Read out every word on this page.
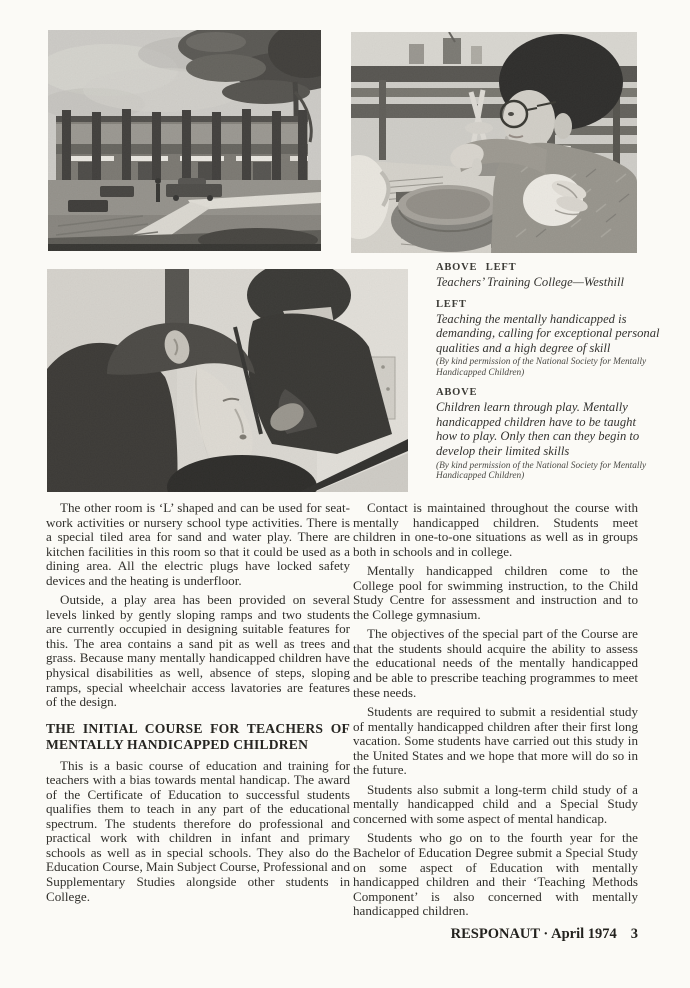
ABOVE LEFT
Teachers’ Training College—Westhill
LEFT
Teaching the mentally handicapped is demanding, calling for exceptional personal qualities and a high degree of skill
(By kind permission of the National Society for Mentally Handicapped Children)
ABOVE
Children learn through play. Mentally handicapped children have to be taught how to play. Only then can they begin to develop their limited skills
(By kind permission of the National Society for Mentally Handicapped Children)

The other room is ‘L’ shaped and can be used for seat-work activities or nursery school type activities. There is a special tiled area for sand and water play. There are kitchen facilities in this room so that it could be used as a dining area. All the electric plugs have locked safety devices and the heating is underfloor.

Outside, a play area has been provided on several levels linked by gently sloping ramps and two students are currently occupied in designing suitable features for this. The area contains a sand pit as well as trees and grass. Because many mentally handicapped children have physical disabilities as well, absence of steps, sloping ramps, special wheelchair access lavatories are features of the design.

THE INITIAL COURSE FOR TEACHERS OF MENTALLY HANDICAPPED CHILDREN

This is a basic course of education and training for teachers with a bias towards mental handicap. The award of the Certificate of Education to successful students qualifies them to teach in any part of the educational spectrum. The students therefore do professional and practical work with children in infant and primary schools as well as in special schools. They also do the Education Course, Main Subject Course, Professional and Supplementary Studies alongside other students in College.

Contact is maintained throughout the course with mentally handicapped children. Students meet children in one-to-one situations as well as in groups both in schools and in college.

Mentally handicapped children come to the College pool for swimming instruction, to the Child Study Centre for assessment and instruction and to the College gymnasium.

The objectives of the special part of the Course are that the students should acquire the ability to assess the educational needs of the mentally handicapped and be able to prescribe teaching programmes to meet these needs.

Students are required to submit a residential study of mentally handicapped children after their first long vacation. Some students have carried out this study in the United States and we hope that more will do so in the future.

Students also submit a long-term child study of a mentally handicapped child and a Special Study concerned with some aspect of mental handicap.

Students who go on to the fourth year for the Bachelor of Education Degree submit a Special Study on some aspect of Education with mentally handicapped children and their ‘Teaching Methods Component’ is also concerned with mentally handicapped children.

RESPONAUT · April 1974 3
